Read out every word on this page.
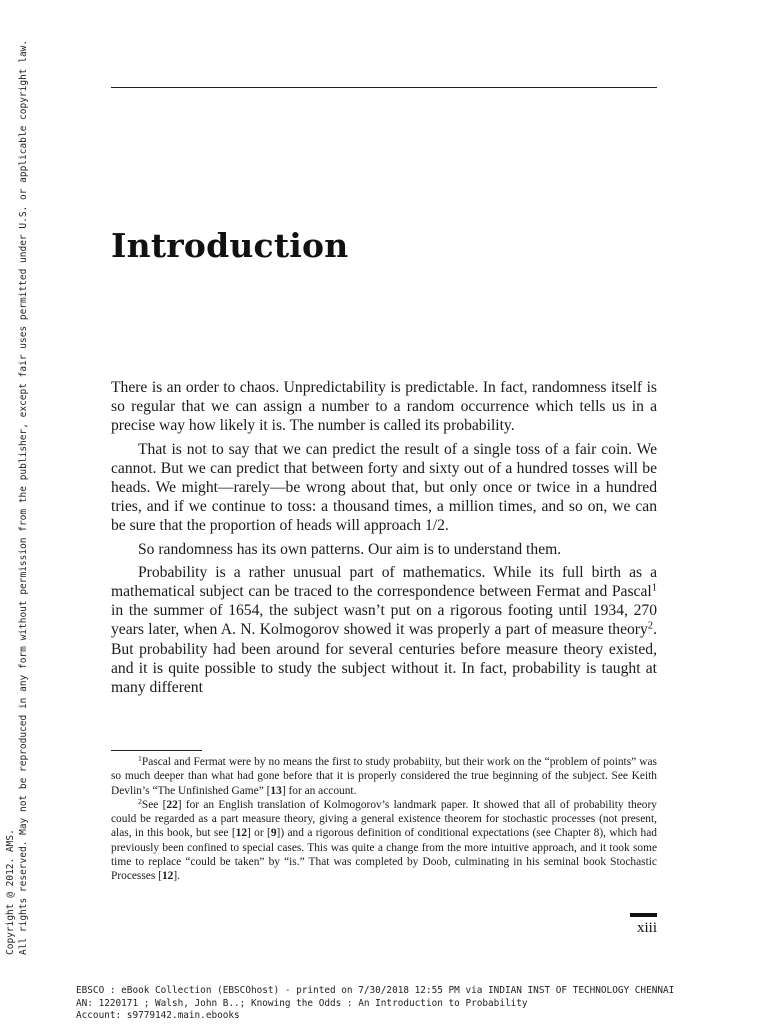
Copyright @ 2012. AMS. All rights reserved. May not be reproduced in any form without permission from the publisher, except fair uses permitted under U.S. or applicable copyright law. Introduction

There is an order to chaos. Unpredictability is predictable. In fact, randomness itself is so regular that we can assign a number to a random occurrence which tells us in a precise way how likely it is. The number is called its probability.

That is not to say that we can predict the result of a single toss of a fair coin. We cannot. But we can predict that between forty and sixty out of a hundred tosses will be heads. We might—rarely—be wrong about that, but only once or twice in a hundred tries, and if we continue to toss: a thousand times, a million times, and so on, we can be sure that the proportion of heads will approach 1/2.

So randomness has its own patterns. Our aim is to understand them.

Probability is a rather unusual part of mathematics. While its full birth as a mathematical subject can be traced to the correspondence between Fermat and Pascal$^1$ in the summer of 1654, the subject wasn’t put on a rigorous footing until 1934, 270 years later, when A. N. Kolmogorov showed it was properly a part of measure theory$^2$. But probability had been around for several centuries before measure theory existed, and it is quite possible to study the subject without it. In fact, probability is taught at many different

$^1$Pascal and Fermat were by no means the first to study probabiity, but their work on the “problem of points” was so much deeper than what had gone before that it is properly considered the true beginning of the subject. See Keith Devlin’s “The Unfinished Game” [13] for an account.

$^2$See [22] for an English translation of Kolmogorov’s landmark paper. It showed that all of probability theory could be regarded as a part measure theory, giving a general existence theorem for stochastic processes (not present, alas, in this book, but see [12] or [9]) and a rigorous definition of conditional expectations (see Chapter 8), which had previously been confined to special cases. This was quite a change from the more intuitive approach, and it took some time to replace “could be taken” by “is.” That was completed by Doob, culminating in his seminal book Stochastic Processes [12].

xiii
EBSCO : eBook Collection (EBSCOhost) - printed on 7/30/2018 12:55 PM via INDIAN INST OF TECHNOLOGY CHENNAI
AN: 1220171 ; Walsh, John B..; Knowing the Odds : An Introduction to Probability
Account: s9779142.main.ebooks
